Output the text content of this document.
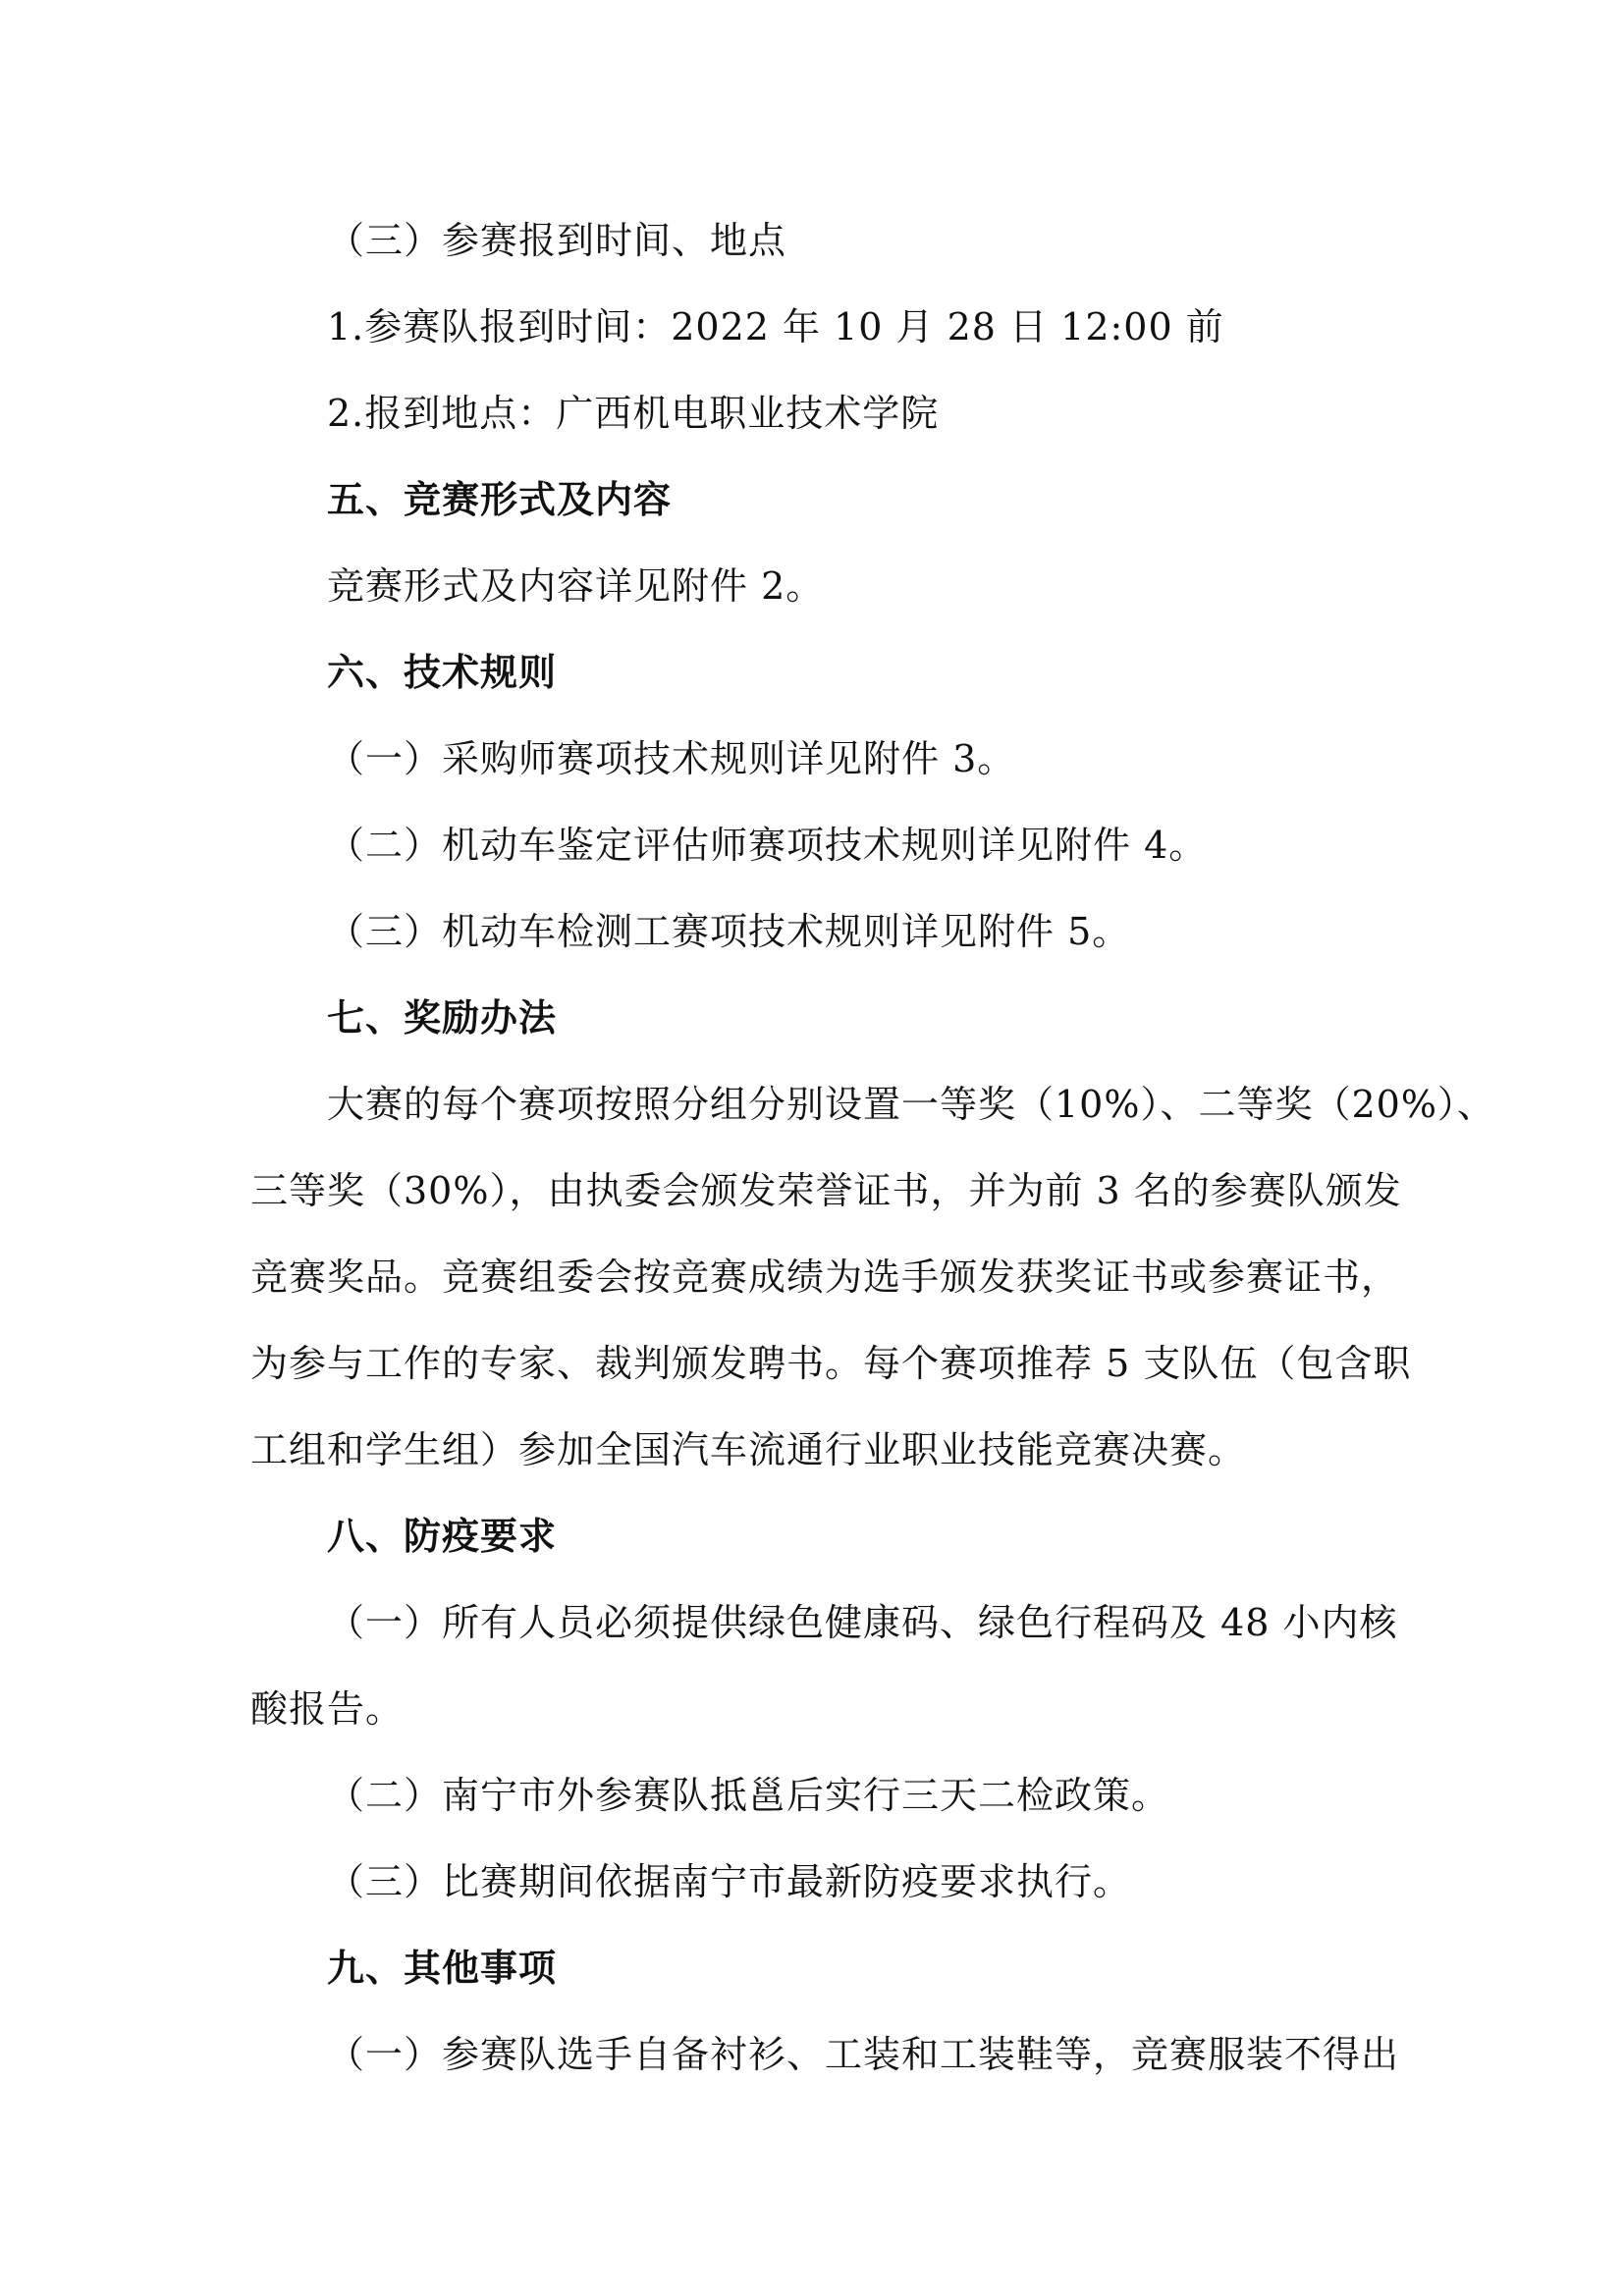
（三）参赛报到时间、地点
1.参赛队报到时间：2022 年 10 月 28 日 12:00 前
2.报到地点：广西机电职业技术学院
五、竞赛形式及内容
竞赛形式及内容详见附件 2。
六、技术规则
（一）采购师赛项技术规则详见附件 3。
（二）机动车鉴定评估师赛项技术规则详见附件 4。
（三）机动车检测工赛项技术规则详见附件 5。
七、奖励办法
大赛的每个赛项按照分组分别设置一等奖（10%）、二等奖（20%）、
三等奖（30%），由执委会颁发荣誉证书，并为前 3 名的参赛队颁发
竞赛奖品。竞赛组委会按竞赛成绩为选手颁发获奖证书或参赛证书，
为参与工作的专家、裁判颁发聘书。每个赛项推荐 5 支队伍（包含职
工组和学生组）参加全国汽车流通行业职业技能竞赛决赛。
八、防疫要求
（一）所有人员必须提供绿色健康码、绿色行程码及 48 小内核
酸报告。
（二）南宁市外参赛队抵邕后实行三天二检政策。
（三）比赛期间依据南宁市最新防疫要求执行。
九、其他事项
（一）参赛队选手自备衬衫、工装和工装鞋等，竞赛服装不得出
